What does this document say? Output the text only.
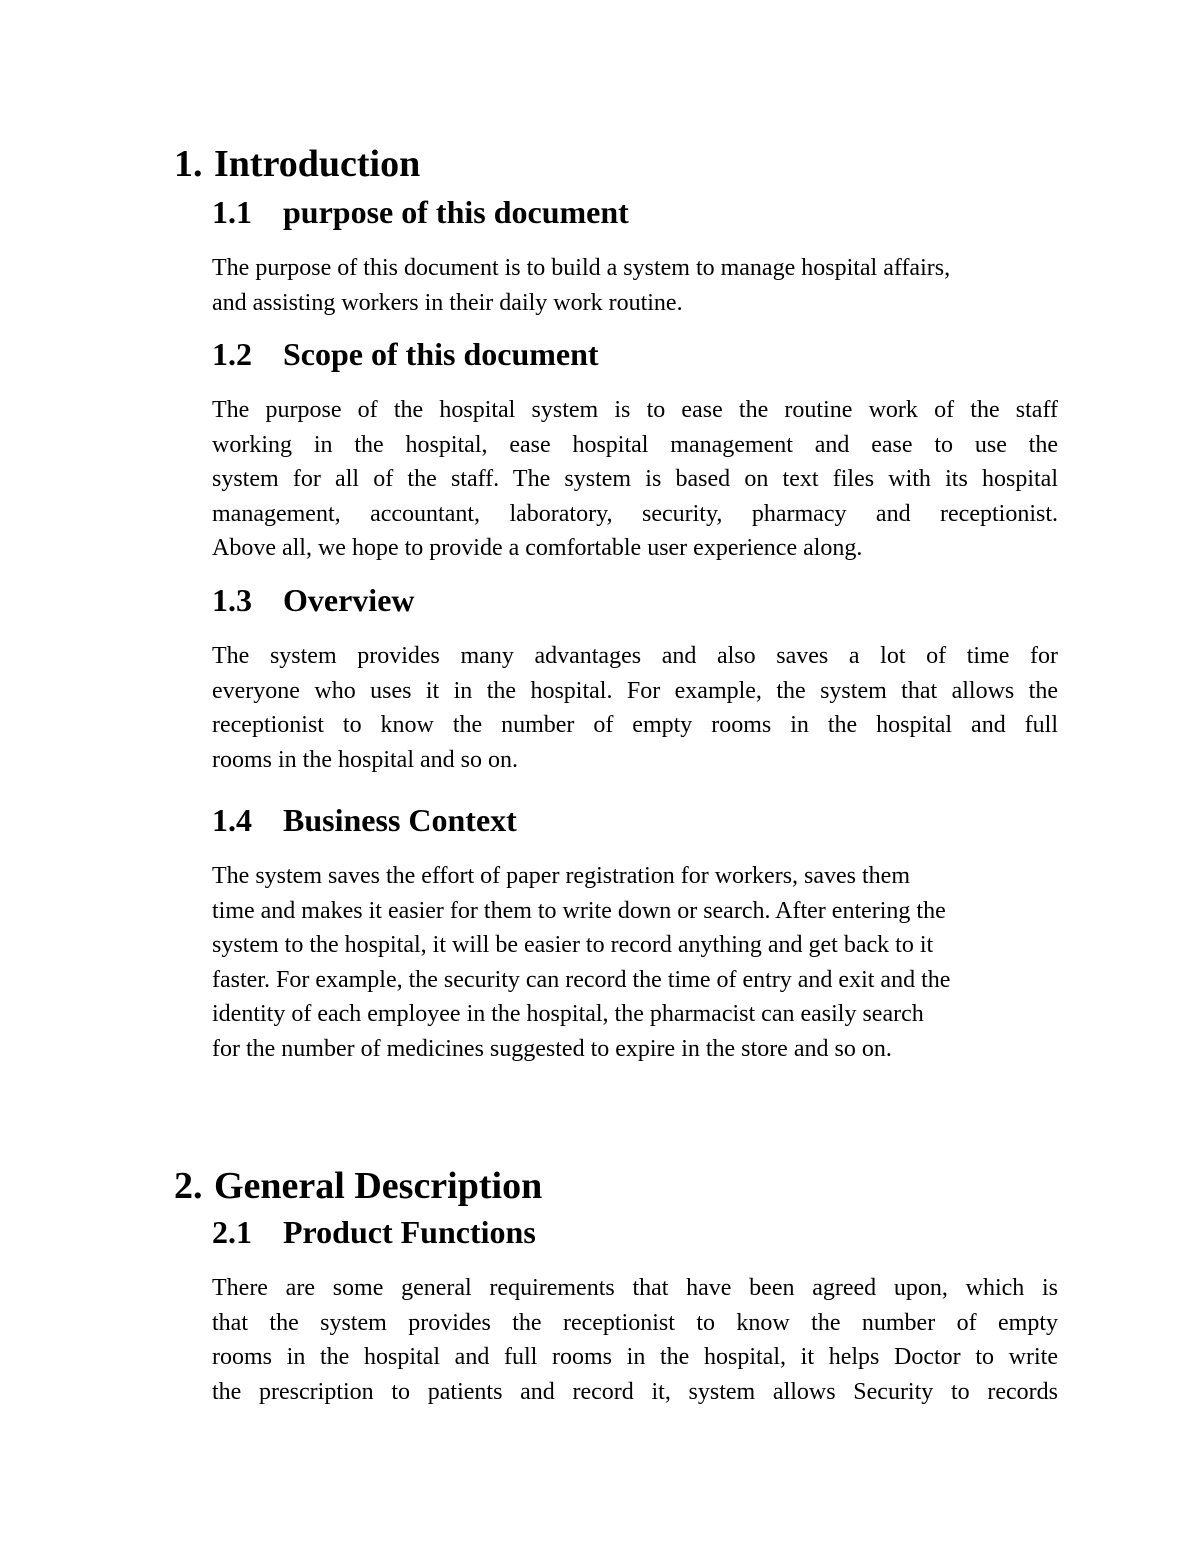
1. Introduction
1.1 purpose of this document

The purpose of this document is to build a system to manage hospital affairs,
and assisting workers in their daily work routine.

1.2 Scope of this document

The purpose of the hospital system is to ease the routine work of the staff
working in the hospital, ease hospital management and ease to use the
system for all of the staff. The system is based on text files with its hospital
management, accountant, laboratory, security, pharmacy and receptionist.
Above all, we hope to provide a comfortable user experience along.

1.3 Overview

The system provides many advantages and also saves a lot of time for
everyone who uses it in the hospital. For example, the system that allows the
receptionist to know the number of empty rooms in the hospital and full
rooms in the hospital and so on.

1.4 Business Context

The system saves the effort of paper registration for workers, saves them
time and makes it easier for them to write down or search. After entering the
system to the hospital, it will be easier to record anything and get back to it
faster. For example, the security can record the time of entry and exit and the
identity of each employee in the hospital, the pharmacist can easily search
for the number of medicines suggested to expire in the store and so on.

2. General Description
2.1 Product Functions

There are some general requirements that have been agreed upon, which is
that the system provides the receptionist to know the number of empty
rooms in the hospital and full rooms in the hospital, it helps Doctor to write
the prescription to patients and record it, system allows Security to records
